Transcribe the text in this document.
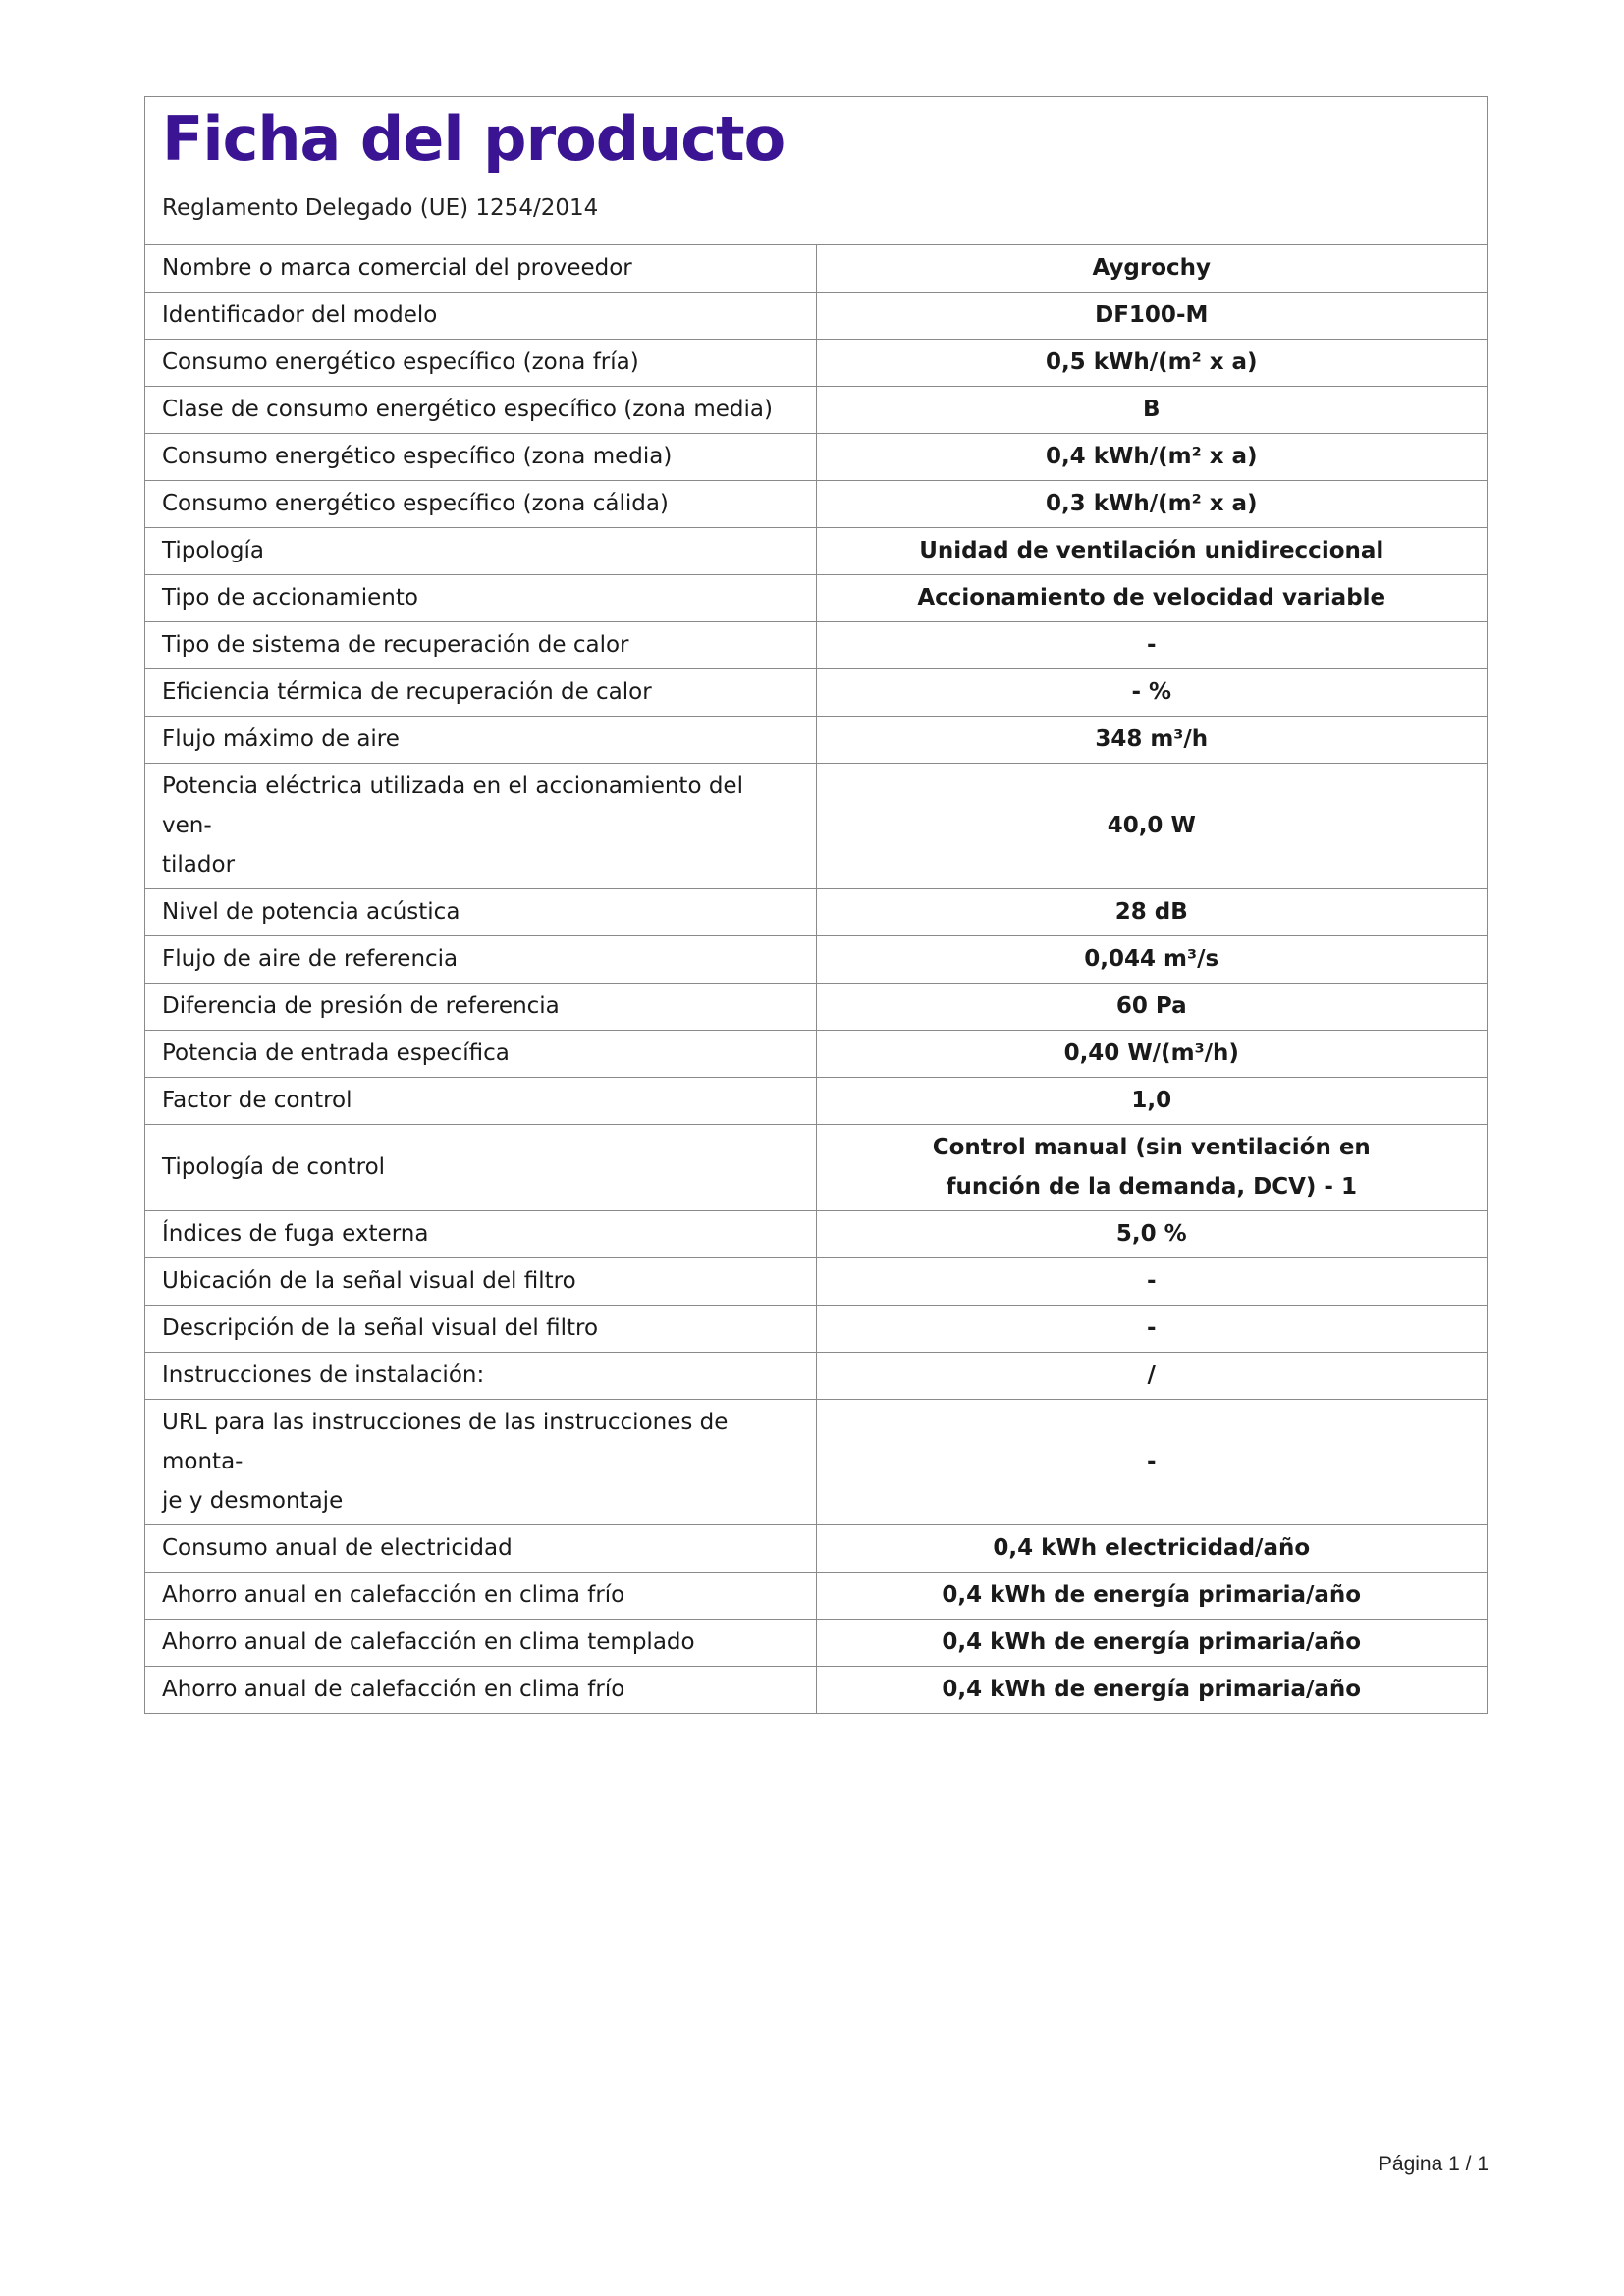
Ficha del producto

Reglamento Delegado (UE) 1254/2014

Nombre o marca comercial del proveedor	Aygrochy
Identificador del modelo	DF100-M
Consumo energético específico (zona fría)	0,5 kWh/(m² x a)
Clase de consumo energético específico (zona media)	B
Consumo energético específico (zona media)	0,4 kWh/(m² x a)
Consumo energético específico (zona cálida)	0,3 kWh/(m² x a)
Tipología	Unidad de ventilación unidireccional
Tipo de accionamiento	Accionamiento de velocidad variable
Tipo de sistema de recuperación de calor	-
Eficiencia térmica de recuperación de calor	- %
Flujo máximo de aire	348 m³/h
Potencia eléctrica utilizada en el accionamiento del ven-
tilador	40,0 W
Nivel de potencia acústica	28 dB
Flujo de aire de referencia	0,044 m³/s
Diferencia de presión de referencia	60 Pa
Potencia de entrada específica	0,40 W/(m³/h)
Factor de control	1,0
Tipología de control	Control manual (sin ventilación en
función de la demanda, DCV) - 1
Índices de fuga externa	5,0 %
Ubicación de la señal visual del filtro	-
Descripción de la señal visual del filtro	-
Instrucciones de instalación:	/
URL para las instrucciones de las instrucciones de monta-
je y desmontaje	-
Consumo anual de electricidad	0,4 kWh electricidad/año
Ahorro anual en calefacción en clima frío	0,4 kWh de energía primaria/año
Ahorro anual de calefacción en clima templado	0,4 kWh de energía primaria/año
Ahorro anual de calefacción en clima frío	0,4 kWh de energía primaria/año
Página 1 / 1
